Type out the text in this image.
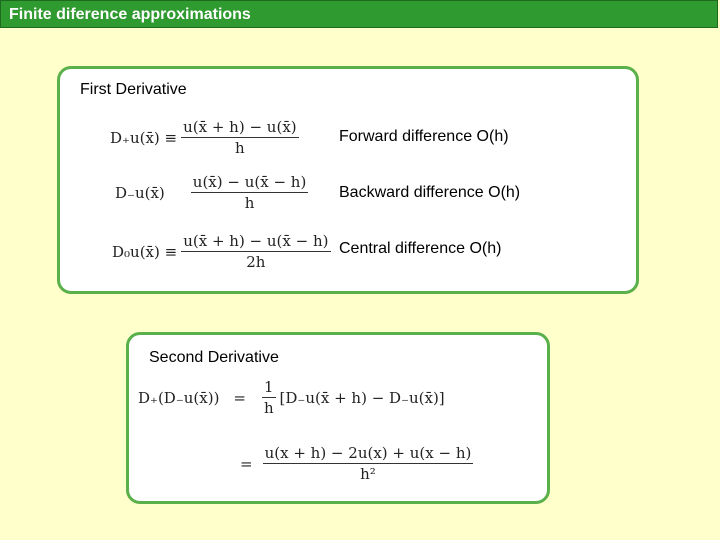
Finite diference approximations
First Derivative
D₊u(x̄) ≡ $\frac{u(x̄ + h) - u(x̄)}{h}$	Forward difference O(h)
D₋u(x̄) $\frac{u(x̄) - u(x̄ - h)}{h}$ Backward difference O(h)
D₀u(x̄) ≡ $\frac{u(x̄ + h) - u(x̄ - h)}{2h}$ Central difference O(h)
Second Derivative
D₊(D₋u(x̄)) = $\frac{1}{h}$ [D₋u(x̄ + h) − D₋u(x̄)]
= $\frac{u(x + h) - 2u(x) + u(x - h)}{\text{h²}}$
